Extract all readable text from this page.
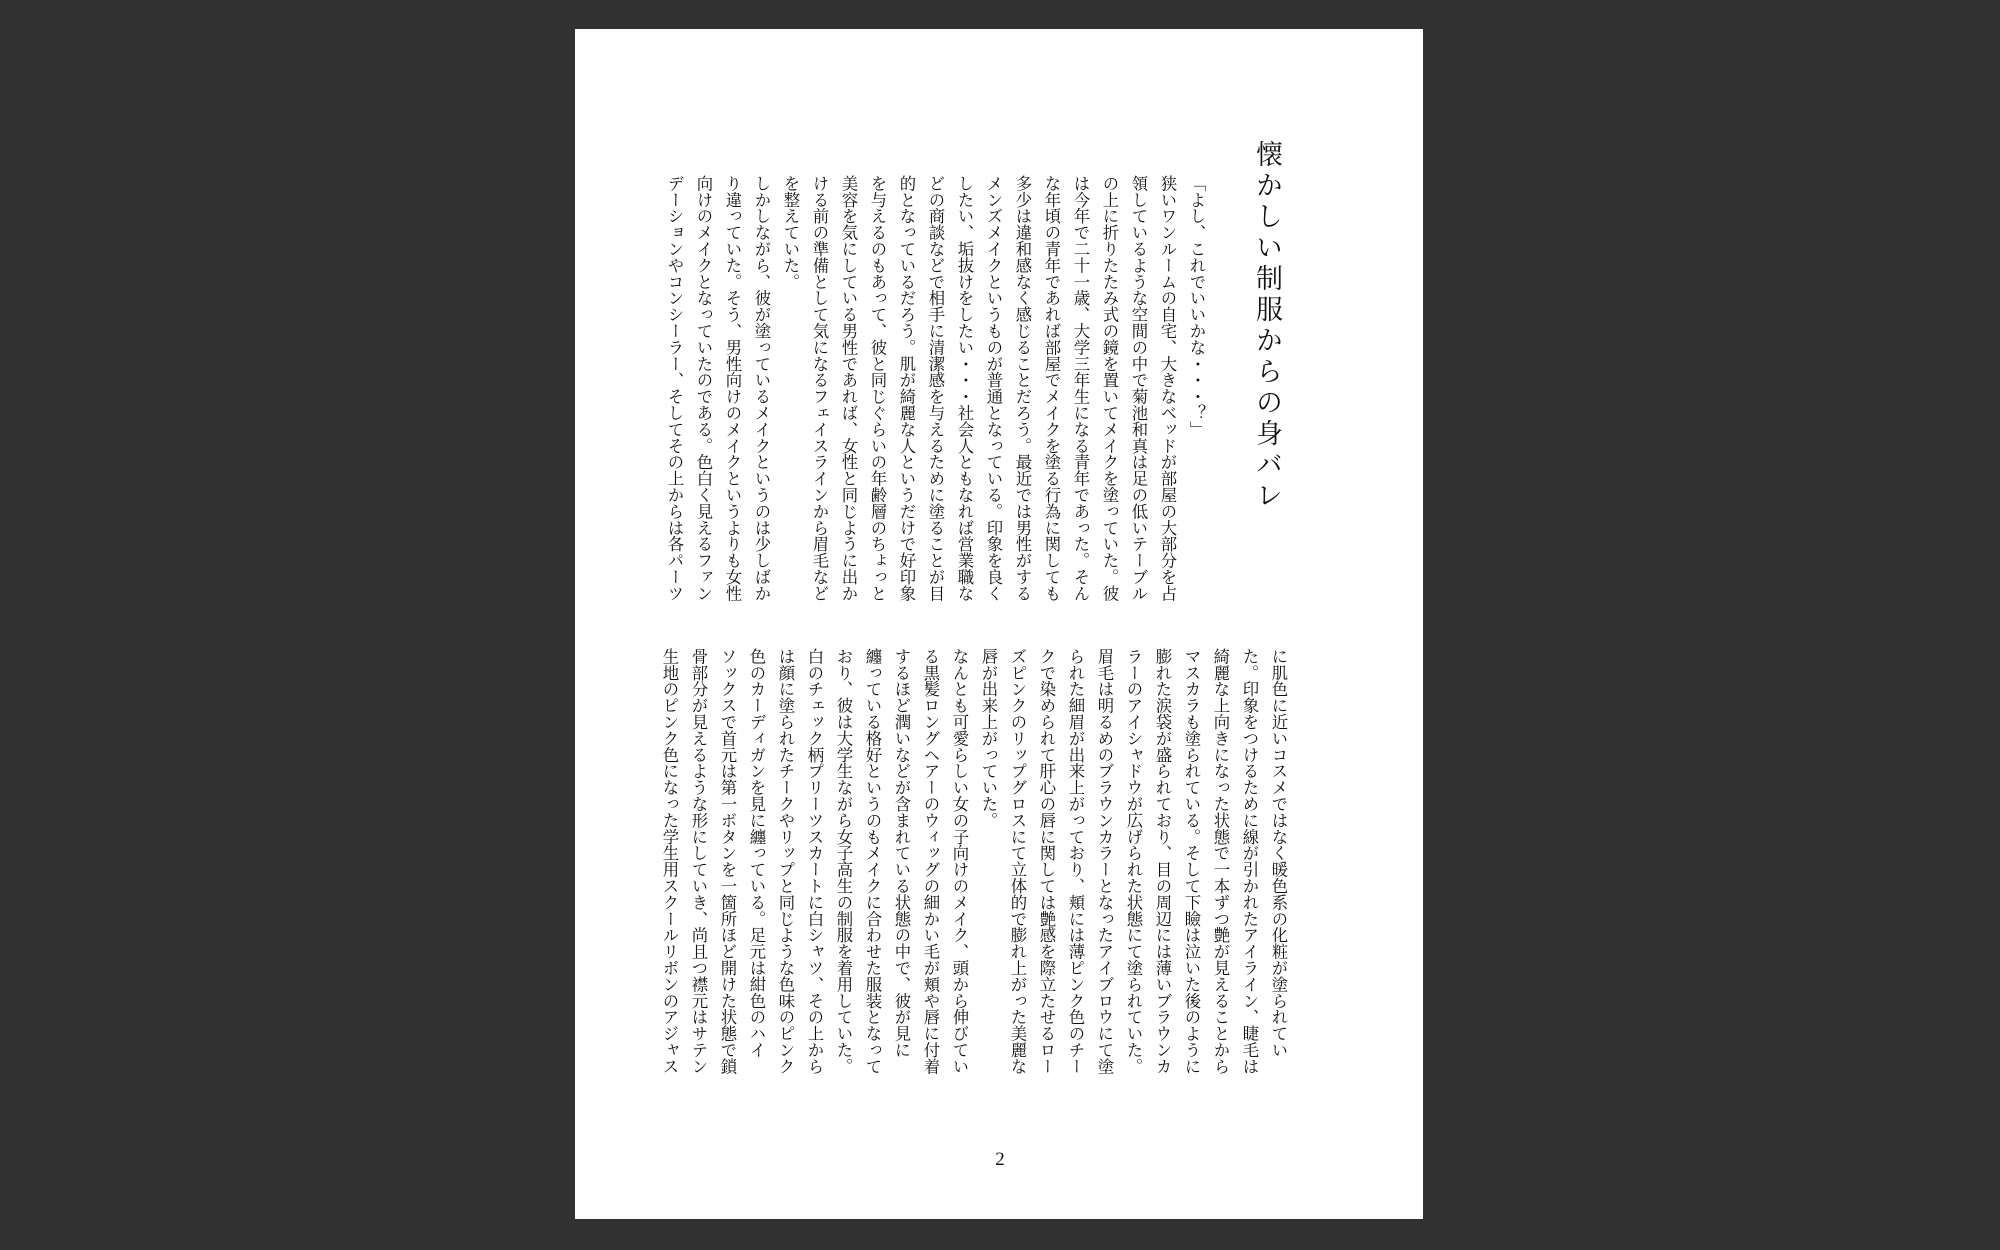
懐かしい制服からの身バレ
「よし、これでいいかな・・・？」
狭いワンルームの自宅、大きなベッドが部屋の大部分を占
領しているような空間の中で菊池和真は足の低いテーブル
の上に折りたたみ式の鏡を置いてメイクを塗っていた。彼
は今年で二十一歳、大学三年生になる青年であった。そん
な年頃の青年であれば部屋でメイクを塗る行為に関しても
多少は違和感なく感じることだろう。最近では男性がする
メンズメイクというものが普通となっている。印象を良く
したい、垢抜けをしたい・・・社会人ともなれば営業職な
どの商談などで相手に清潔感を与えるために塗ることが目
的となっているだろう。肌が綺麗な人というだけで好印象
を与えるのもあって、彼と同じぐらいの年齢層のちょっと
美容を気にしている男性であれば、女性と同じように出か
ける前の準備として気になるフェイスラインから眉毛など
を整えていた。
しかしながら、彼が塗っているメイクというのは少しばか
り違っていた。そう、男性向けのメイクというよりも女性
向けのメイクとなっていたのである。色白く見えるファン
デーションやコンシーラー、そしてその上からは各パーツ
に肌色に近いコスメではなく暖色系の化粧が塗られてい
た。印象をつけるために線が引かれたアイライン、睫毛は
綺麗な上向きになった状態で一本ずつ艶が見えることから
マスカラも塗られている。そして下瞼は泣いた後のように
膨れた涙袋が盛られており、目の周辺には薄いブラウンカ
ラーのアイシャドウが広げられた状態にて塗られていた。
眉毛は明るめのブラウンカラーとなったアイブロウにて塗
られた細眉が出来上がっており、頬には薄ピンク色のチー
クで染められて肝心の唇に関しては艶感を際立たせるロー
ズピンクのリップグロスにて立体的で膨れ上がった美麗な
唇が出来上がっていた。
なんとも可愛らしい女の子向けのメイク、頭から伸びてい
る黒髪ロングヘアーのウィッグの細かい毛が頬や唇に付着
するほど潤いなどが含まれている状態の中で、彼が見に
纏っている格好というのもメイクに合わせた服装となって
おり、彼は大学生ながら女子高生の制服を着用していた。
白のチェック柄プリーツスカートに白シャツ、その上から
は顔に塗られたチークやリップと同じような色味のピンク
色のカーディガンを見に纏っている。足元は紺色のハイ
ソックスで首元は第一ボタンを一箇所ほど開けた状態で鎖
骨部分が見えるような形にしていき、尚且つ襟元はサテン
生地のピンク色になった学生用スクールリボンのアジャス
2
